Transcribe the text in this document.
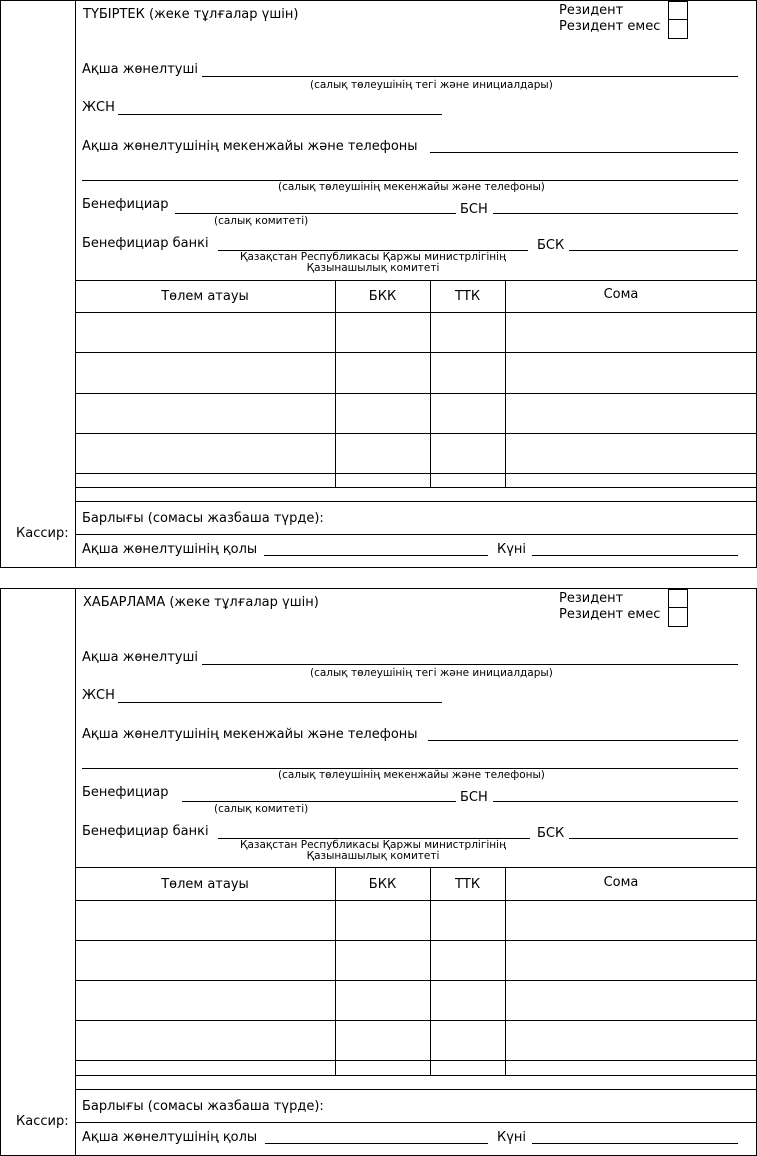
ТҮБІРТЕК (жеке тұлғалар үшін)	Резидент
Резидент емес
Ақша жөнелтуші
(салық төлеушінің тегі және инициалдары)
ЖСН
Ақша жөнелтушінің мекенжайы және телефоны
(салық төлеушінің мекенжайы және телефоны)
Бенефициар
(салық комитеті)
БСН
Бенефициар банкі
Қазақстан Республикасы Қаржы министрлігінің
Қазынашылық комитеті
БСК
Төлем атауы	БКК	ТТК	Сома
Барлығы (сомасы жазбаша түрде):
Кассир:
Ақша жөнелтушінің қолы	Күні
ХАБАРЛАМА (жеке тұлғалар үшін)	Резидент
Резидент емес
Ақша жөнелтуші
(салық төлеушінің тегі және инициалдары)
ЖСН
Ақша жөнелтушінің мекенжайы және телефоны
(салық төлеушінің мекенжайы және телефоны)
Бенефициар
(салық комитеті)
БСН
Бенефициар банкі
Қазақстан Республикасы Қаржы министрлігінің
Қазынашылық комитеті
БСК
Төлем атауы	БКК	ТТК	Сома
Барлығы (сомасы жазбаша түрде):
Кассир:
Ақша жөнелтушінің қолы	Күні
